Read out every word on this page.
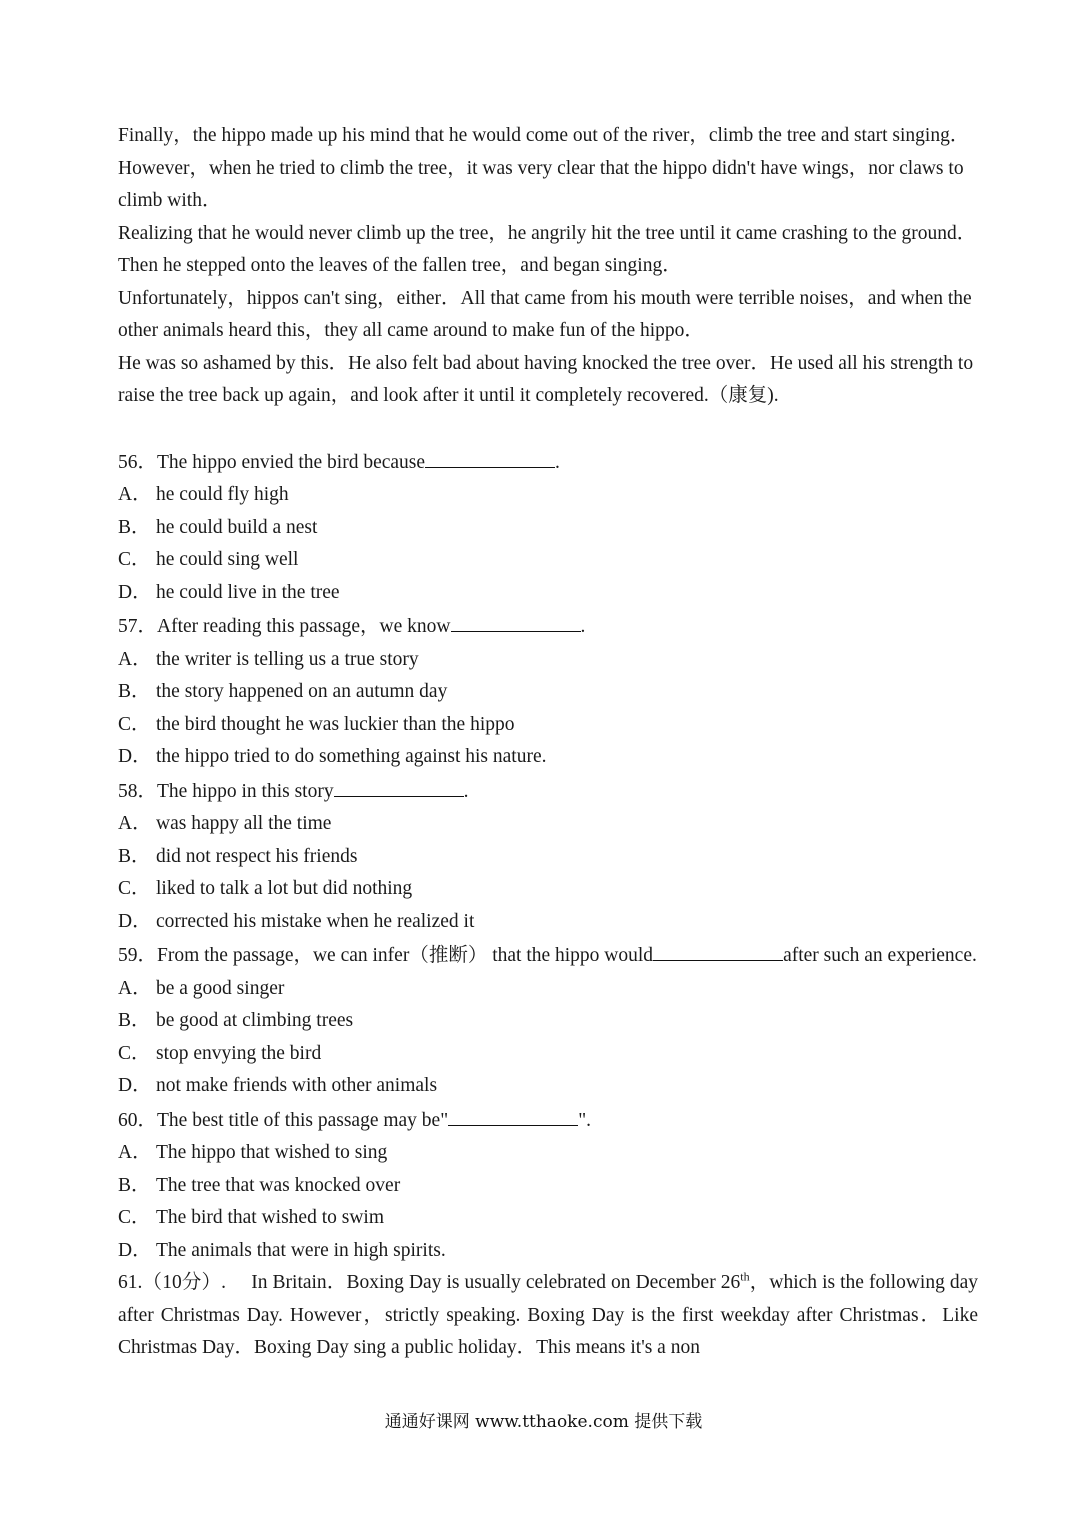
Finally，the hippo made up his mind that he would come out of the river，climb the tree and start singing．However，when he tried to climb the tree，it was very clear that the hippo didn't have wings，nor claws to climb with．

Realizing that he would never climb up the tree，he angrily hit the tree until it came crashing to the ground．Then he stepped onto the leaves of the fallen tree，and began singing．

Unfortunately，hippos can't sing，either．All that came from his mouth were terrible noises，and when the other animals heard this，they all came around to make fun of the hippo．

He was so ashamed by this．He also felt bad about having knocked the tree over．He used all his strength to raise the tree back up again，and look after it until it completely recovered.（康复).

56．The hippo envied the bird because	.

A． he could fly high

B． he could build a nest

C． he could sing well

D． he could live in the tree

57．After reading this passage，we know	.

A． the writer is telling us a true story

B． the story happened on an autumn day

C． the bird thought he was luckier than the hippo

D． the hippo tried to do something against his nature.

58．The hippo in this story	.

A． was happy all the time

B． did not respect his friends

C． liked to talk a lot but did nothing

D． corrected his mistake when he realized it

59．From the passage，we can infer（推断） that the hippo would	after such an experience.

A． be a good singer

B． be good at climbing trees

C． stop envying the bird

D． not make friends with other animals

60．The best title of this passage may be"	".

A． The hippo that wished to sing

B． The tree that was knocked over

C． The bird that wished to swim

D． The animals that were in high spirits.

61.（10分）. In Britain．Boxing Day is usually celebrated on December 26th，which is the following day after Christmas Day. However，strictly speaking. Boxing Day is the first weekday after Christmas．Like Christmas Day．Boxing Day sing a public holiday．This means it's a non

通通好课网 www.tthaoke.com 提供下载
